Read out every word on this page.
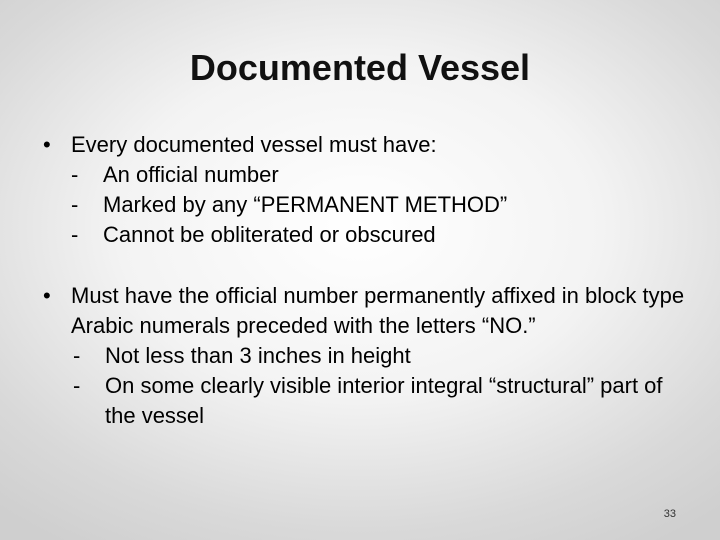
Documented Vessel
• Every documented vessel must have:
-	An official number
-	Marked by any “PERMANENT METHOD”
-	Cannot be obliterated or obscured
• Must have the official number permanently affixed in block type Arabic numerals preceded with the letters “NO.”
-	Not less than 3 inches in height
-	On some clearly visible interior integral “structural” part of the vessel
33
